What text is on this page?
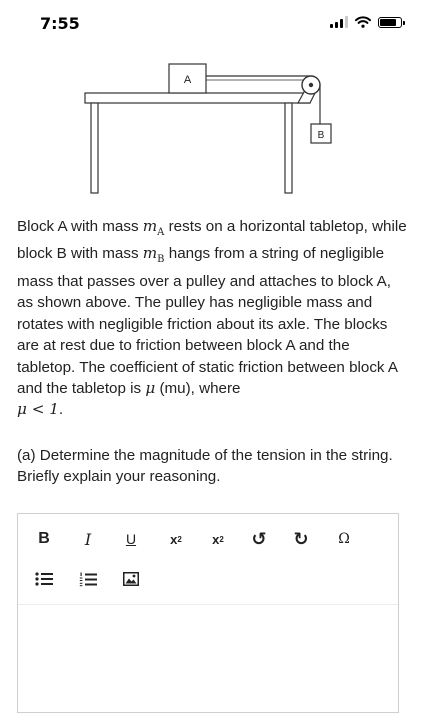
7:55
A
B
Block A with mass $m_A$ rests on a horizontal tabletop, while block B with mass $m_B$ hangs from a string of negligible mass that passes over a pulley and attaches to block A, as shown above. The pulley has negligible mass and rotates with negligible friction about its axle. The blocks are at rest due to friction between block A and the tabletop. The coefficient of static friction between block A and the tabletop is μ (mu), where
μ < 1.
(a) Determine the magnitude of the tension in the string. Briefly explain your reasoning.
B	I	U	x 2 x 2 ↺ ↻	Ω
